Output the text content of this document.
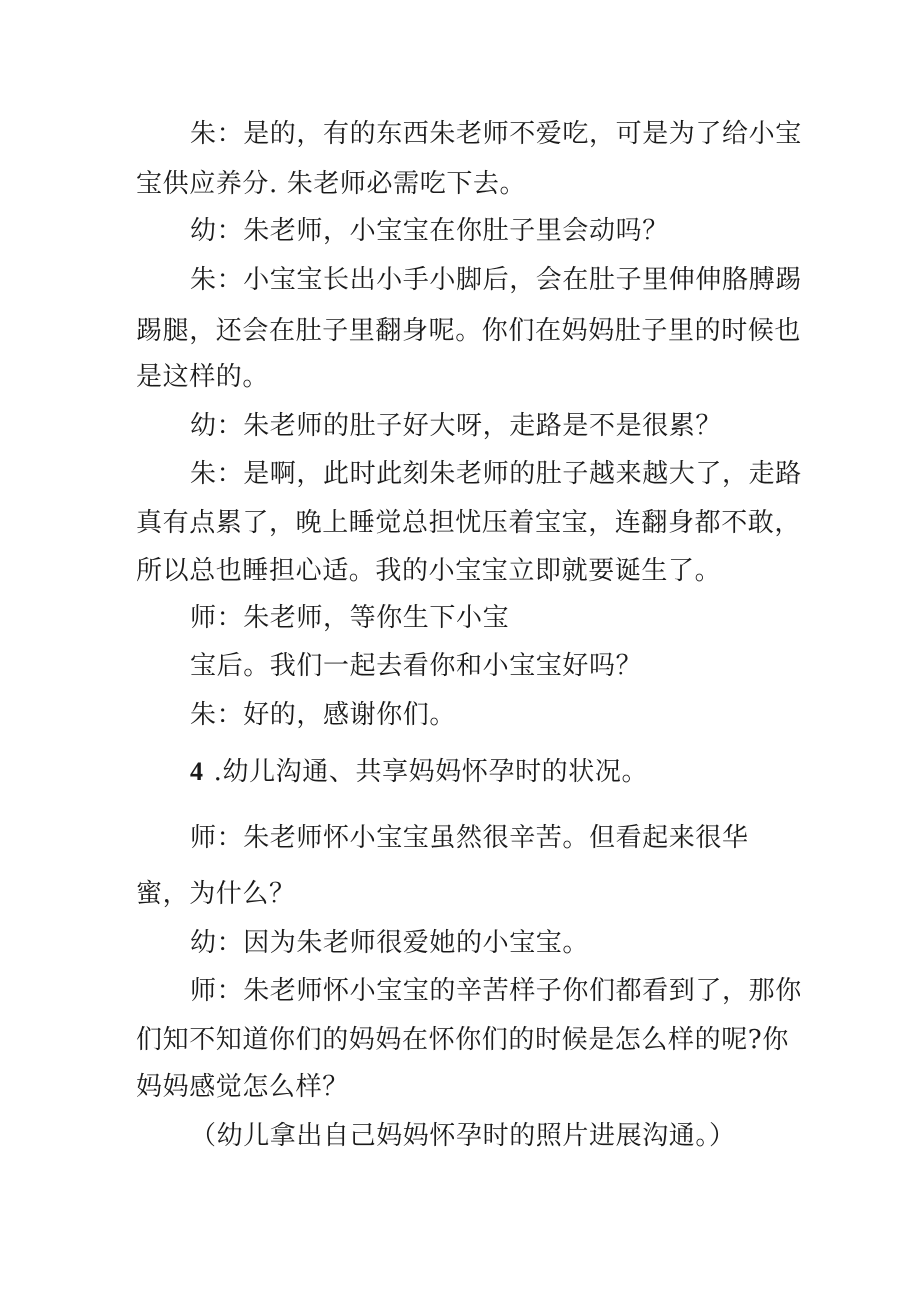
朱：是的，有的东西朱老师不爱吃，可是为了给小宝
宝供应养分. 朱老师必需吃下去。
幼：朱老师，小宝宝在你肚子里会动吗？
朱：小宝宝长出小手小脚后，会在肚子里伸伸胳膊踢
踢腿，还会在肚子里翻身呢。你们在妈妈肚子里的时候也
是这样的。
幼：朱老师的肚子好大呀，走路是不是很累？
朱：是啊，此时此刻朱老师的肚子越来越大了，走路
真有点累了，晚上睡觉总担忧压着宝宝，连翻身都不敢，
所以总也睡担心适。我的小宝宝立即就要诞生了。
师：朱老师，等你生下小宝
宝后。我们一起去看你和小宝宝好吗？
朱：好的，感谢你们。
4 .幼儿沟通、共享妈妈怀孕时的状况。
师：朱老师怀小宝宝虽然很辛苦。但看起来很华
蜜，为什么？
幼：因为朱老师很爱她的小宝宝。
师：朱老师怀小宝宝的辛苦样子你们都看到了，那你
们知不知道你们的妈妈在怀你们的时候是怎么样的呢?你
妈妈感觉怎么样？
（幼儿拿出自己妈妈怀孕时的照片进展沟通。）
